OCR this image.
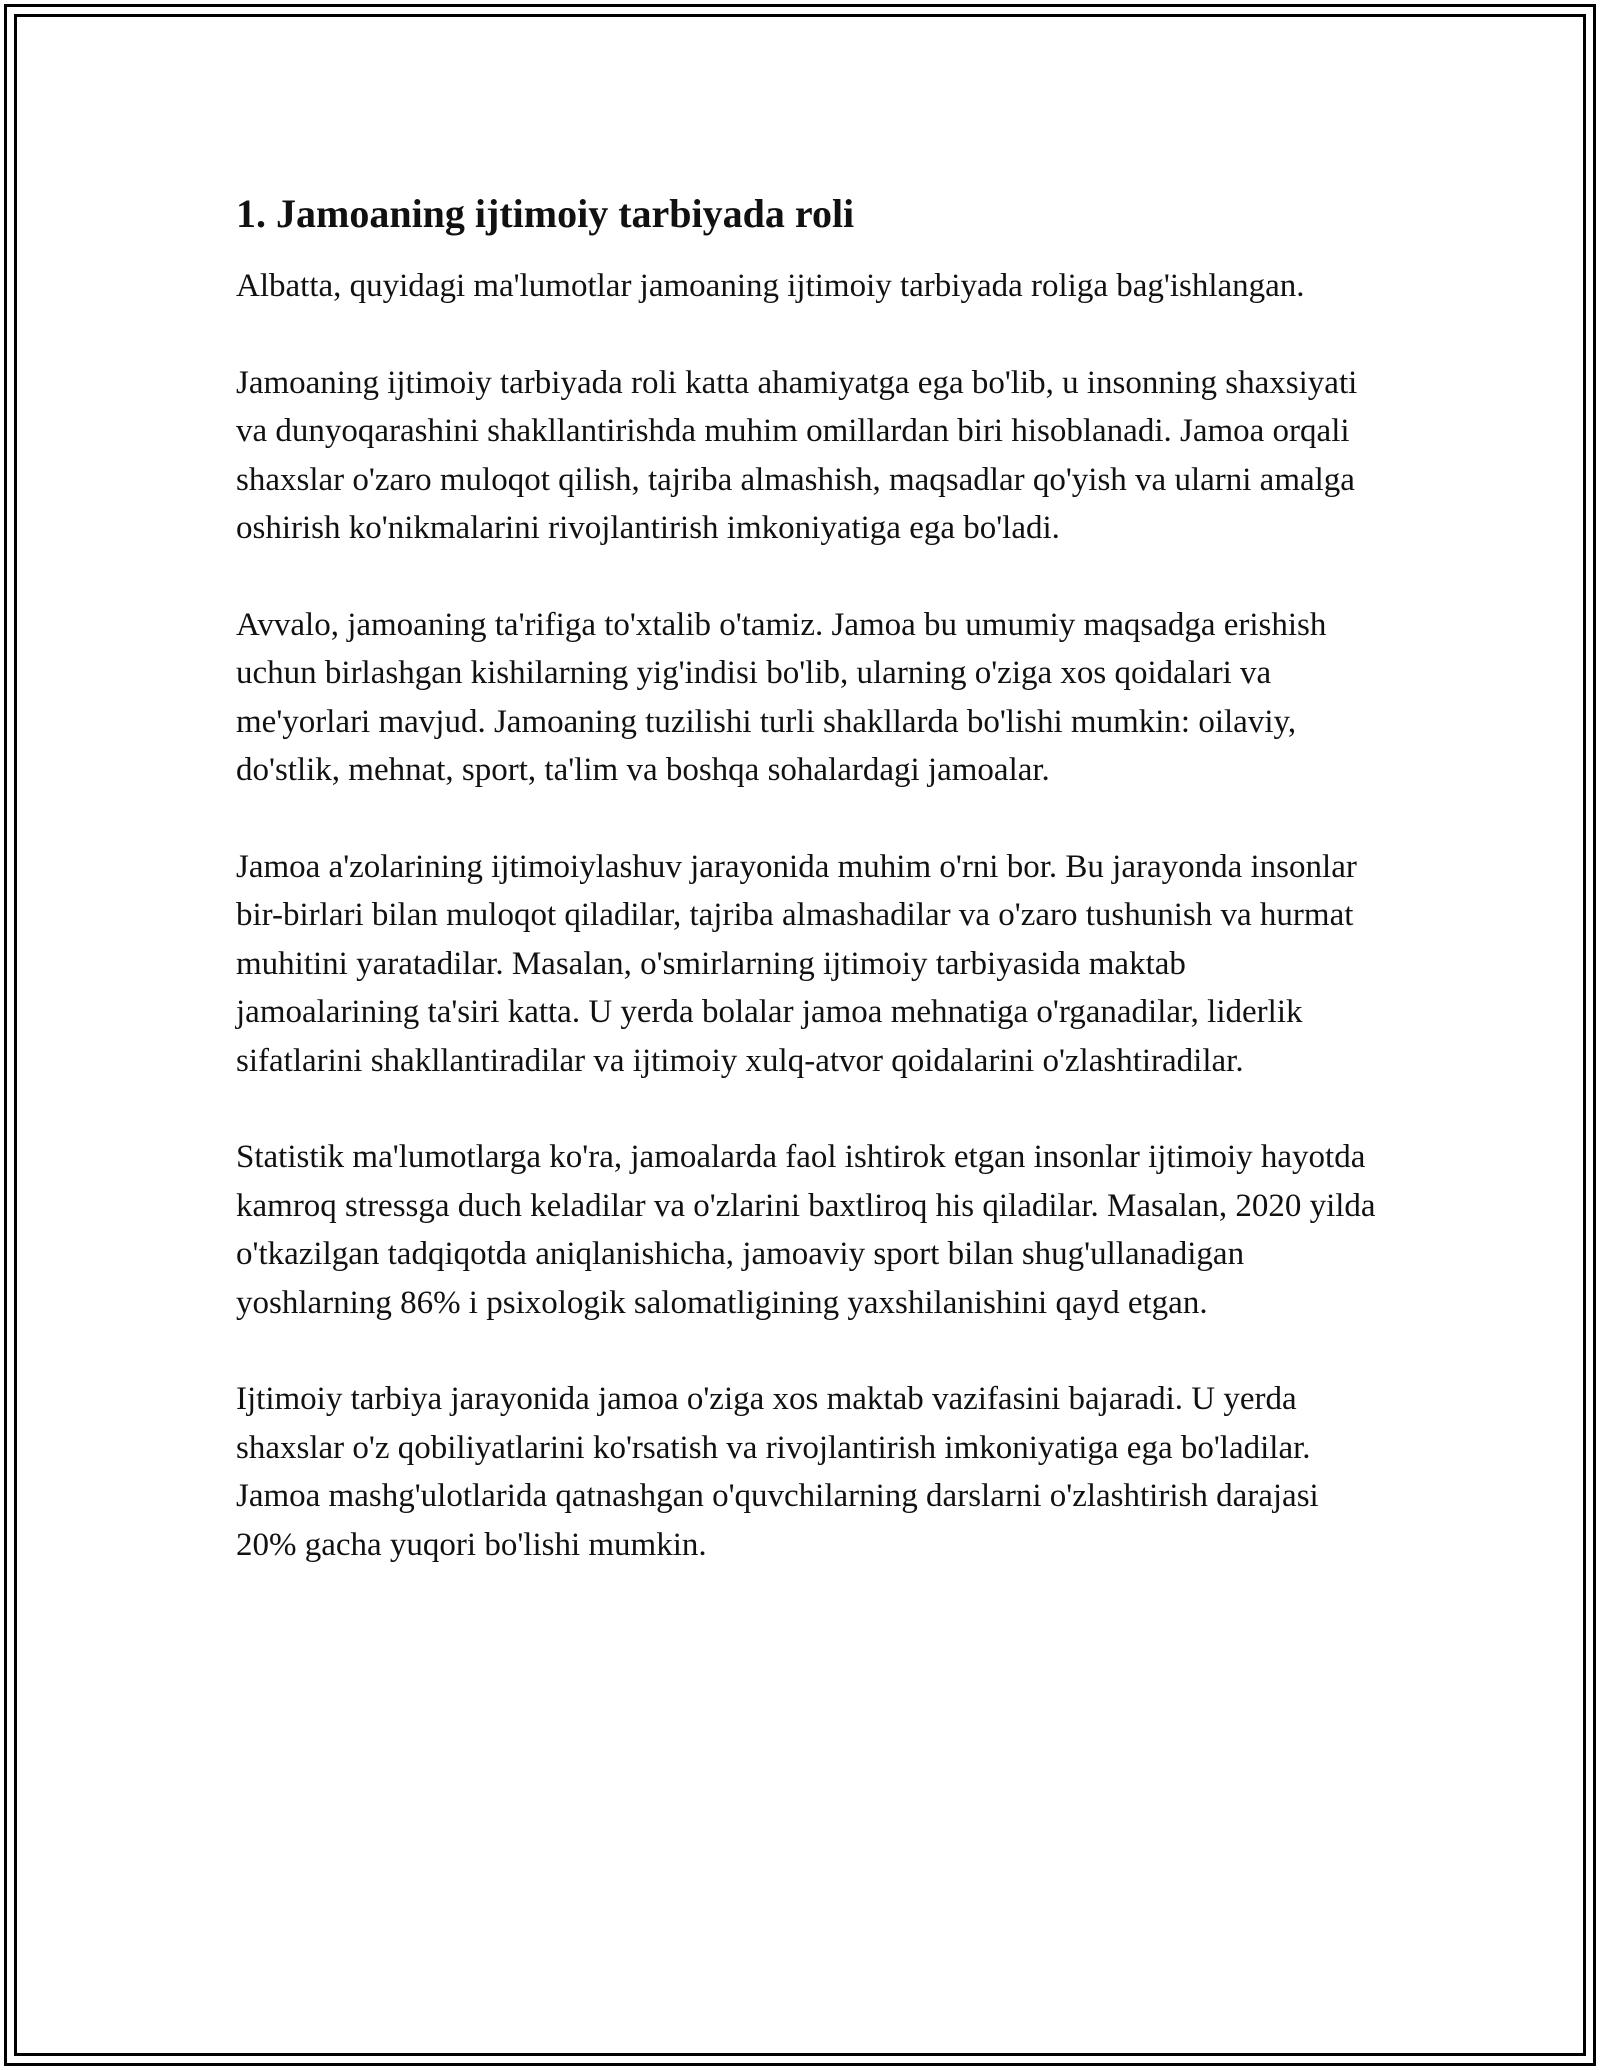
1. Jamoaning ijtimoiy tarbiyada roli

Albatta, quyidagi ma'lumotlar jamoaning ijtimoiy tarbiyada roliga bag'ishlangan.

Jamoaning ijtimoiy tarbiyada roli katta ahamiyatga ega bo'lib, u insonning shaxsiyati va dunyoqarashini shakllantirishda muhim omillardan biri hisoblanadi. Jamoa orqali shaxslar o'zaro muloqot qilish, tajriba almashish, maqsadlar qo'yish va ularni amalga oshirish ko'nikmalarini rivojlantirish imkoniyatiga ega bo'ladi.

Avvalo, jamoaning ta'rifiga to'xtalib o'tamiz. Jamoa bu umumiy maqsadga erishish uchun birlashgan kishilarning yig'indisi bo'lib, ularning o'ziga xos qoidalari va me'yorlari mavjud. Jamoaning tuzilishi turli shakllarda bo'lishi mumkin: oilaviy, do'stlik, mehnat, sport, ta'lim va boshqa sohalardagi jamoalar.

Jamoa a'zolarining ijtimoiylashuv jarayonida muhim o'rni bor. Bu jarayonda insonlar bir-birlari bilan muloqot qiladilar, tajriba almashadilar va o'zaro tushunish va hurmat muhitini yaratadilar. Masalan, o'smirlarning ijtimoiy tarbiyasida maktab jamoalarining ta'siri katta. U yerda bolalar jamoa mehnatiga o'rganadilar, liderlik sifatlarini shakllantiradilar va ijtimoiy xulq-atvor qoidalarini o'zlashtiradilar.

Statistik ma'lumotlarga ko'ra, jamoalarda faol ishtirok etgan insonlar ijtimoiy hayotda kamroq stressga duch keladilar va o'zlarini baxtliroq his qiladilar. Masalan, 2020 yilda o'tkazilgan tadqiqotda aniqlanishicha, jamoaviy sport bilan shug'ullanadigan yoshlarning 86% i psixologik salomatligining yaxshilanishini qayd etgan.

Ijtimoiy tarbiya jarayonida jamoa o'ziga xos maktab vazifasini bajaradi. U yerda shaxslar o'z qobiliyatlarini ko'rsatish va rivojlantirish imkoniyatiga ega bo'ladilar. Jamoa mashg'ulotlarida qatnashgan o'quvchilarning darslarni o'zlashtirish darajasi 20% gacha yuqori bo'lishi mumkin.
